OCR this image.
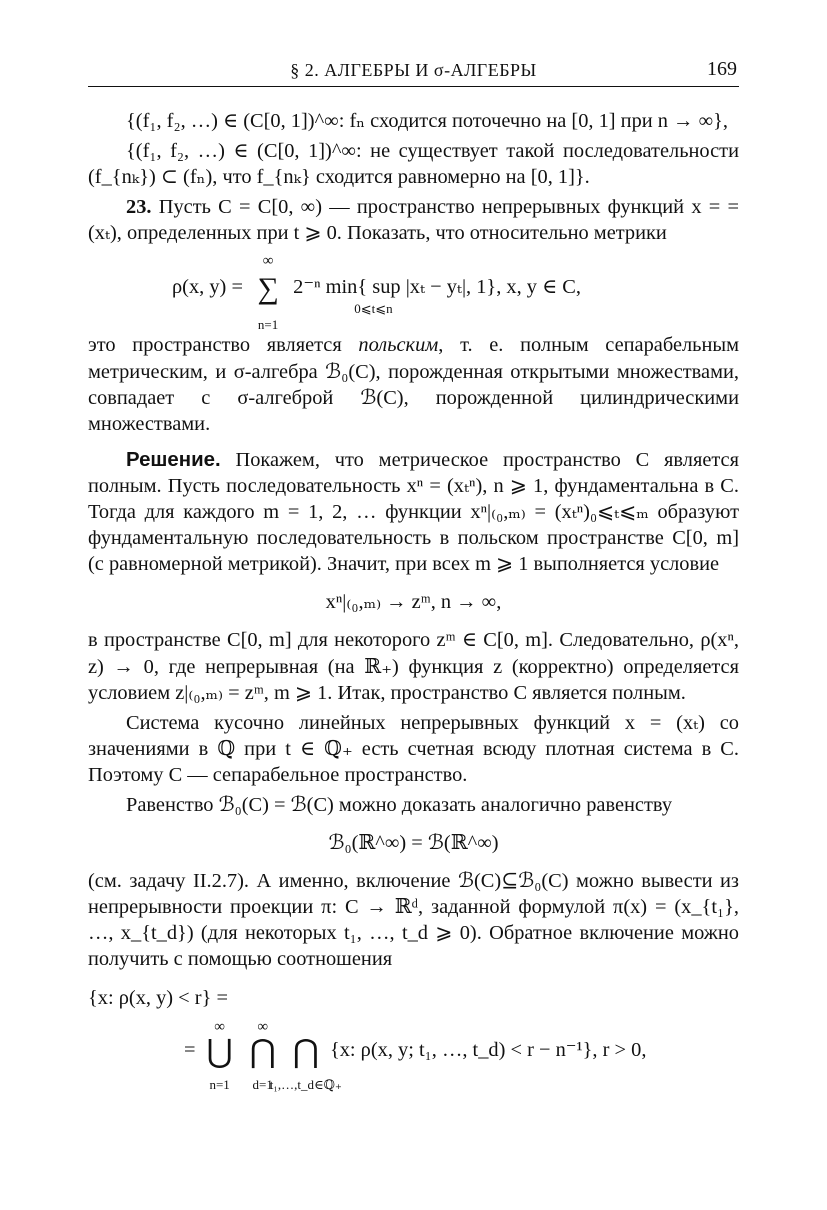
§ 2. АЛГЕБРЫ И σ-АЛГЕБРЫ	169

{(f₁, f₂, …) ∈ (C[0, 1])^∞: fₙ сходится поточечно на [0, 1] при n → ∞},

{(f₁, f₂, …) ∈ (C[0, 1])^∞: не существует такой последовательности (f_{nₖ}) ⊂ (fₙ), что f_{nₖ} сходится равномерно на [0, 1]}.

23. Пусть C = C[0, ∞) — пространство непрерывных функций x = = (xₜ), определенных при t ⩾ 0. Показать, что относительно метрики

ρ(x, y) = ∑
∞
n=1
2⁻ⁿ min{ sup
0⩽t⩽n
|xₜ − yₜ|, 1}, x, y ∈ C,

это пространство является польским, т. е. полным сепарабельным метрическим, и σ-алгебра ℬ₀(C), порожденная открытыми множествами, совпадает с σ-алгеброй ℬ(C), порожденной цилиндрическими множествами.

Решение. Покажем, что метрическое пространство C является полным. Пусть последовательность xⁿ = (xₜⁿ), n ⩾ 1, фундаментальна в C. Тогда для каждого m = 1, 2, … функции xⁿ|₍₀,ₘ₎ = (xₜⁿ)₀⩽ₜ⩽ₘ образуют фундаментальную последовательность в польском пространстве C[0, m] (с равномерной метрикой). Значит, при всех m ⩾ 1 выполняется условие

xⁿ|₍₀,ₘ₎ → zᵐ, n → ∞,

в пространстве C[0, m] для некоторого zᵐ ∈ C[0, m]. Следовательно, ρ(xⁿ, z) → 0, где непрерывная (на ℝ₊) функция z (корректно) определяется условием z|₍₀,ₘ₎ = zᵐ, m ⩾ 1. Итак, пространство C является полным.

Система кусочно линейных непрерывных функций x = (xₜ) со значениями в ℚ при t ∈ ℚ₊ есть счетная всюду плотная система в C. Поэтому C — сепарабельное пространство.

Равенство ℬ₀(C) = ℬ(C) можно доказать аналогично равенству

ℬ₀(ℝ^∞) = ℬ(ℝ^∞)

(см. задачу II.2.7). А именно, включение ℬ(C)⊆ℬ₀(C) можно вывести из непрерывности проекции π: C → ℝᵈ, заданной формулой π(x) = (x_{t₁}, …, x_{t_d}) (для некоторых t₁, …, t_d ⩾ 0). Обратное включение можно получить с помощью соотношения

{x: ρ(x, y) < r} =
= ⋃
∞
n=1
⋂
∞
d=1
⋂
t₁,…,t_d∈ℚ₊
{x: ρ(x, y; t₁, …, t_d) < r − n⁻¹}, r > 0,
